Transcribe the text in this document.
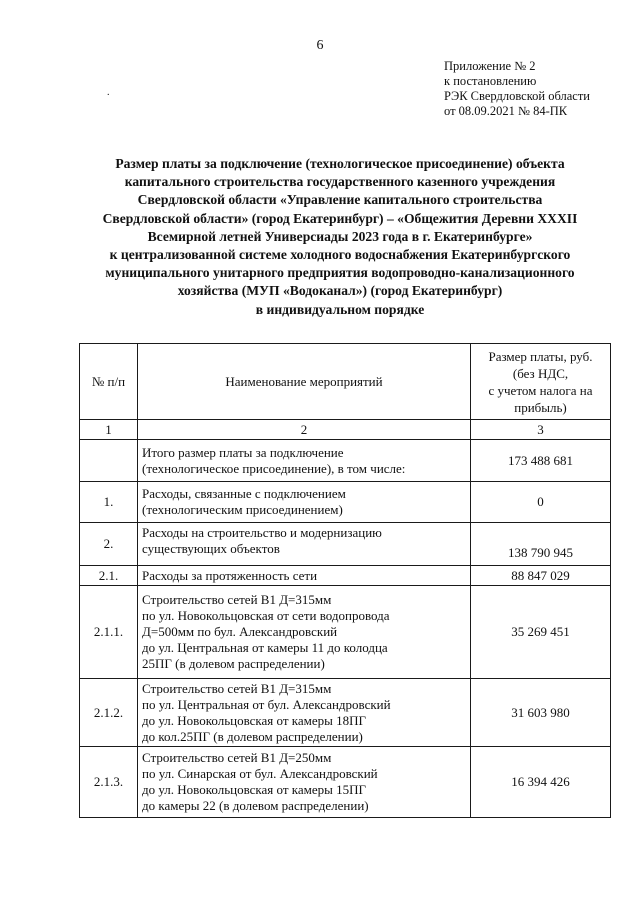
6
.
Приложение № 2
к постановлению
РЭК Свердловской области
от 08.09.2021 № 84-ПК
Размер платы за подключение (технологическое присоединение) объекта
капитального строительства государственного казенного учреждения
Свердловской области «Управление капитального строительства
Свердловской области» (город Екатеринбург) – «Общежития Деревни XXXII
Всемирной летней Универсиады 2023 года в г. Екатеринбурге»
к централизованной системе холодного водоснабжения Екатеринбургского
муниципального унитарного предприятия водопроводно-канализационного
хозяйства (МУП «Водоканал») (город Екатеринбург)
в индивидуальном порядке
№ п/п	Наименование мероприятий	Размер платы, руб.
(без НДС,
с учетом налога на
прибыль)

1	2	3

	Итого размер платы за подключение
(технологическое присоединение), в том числе:	173 488 681
1.	Расходы, связанные с подключением
(технологическим присоединением)	0
2.	Расходы на строительство и модернизацию
существующих объектов	138 790 945
2.1.	Расходы за протяженность сети	88 847 029
2.1.1.	Строительство сетей В1 Д=315мм
по ул. Новокольцовская от сети водопровода
Д=500мм по бул. Александровский
до ул. Центральная от камеры 11 до колодца
25ПГ (в долевом распределении)	35 269 451
2.1.2.	Строительство сетей В1 Д=315мм
по ул. Центральная от бул. Александровский
до ул. Новокольцовская от камеры 18ПГ
до кол.25ПГ (в долевом распределении)	31 603 980
2.1.3.	Строительство сетей В1 Д=250мм
по ул. Синарская от бул. Александровский
до ул. Новокольцовская от камеры 15ПГ
до камеры 22 (в долевом распределении)	16 394 426
